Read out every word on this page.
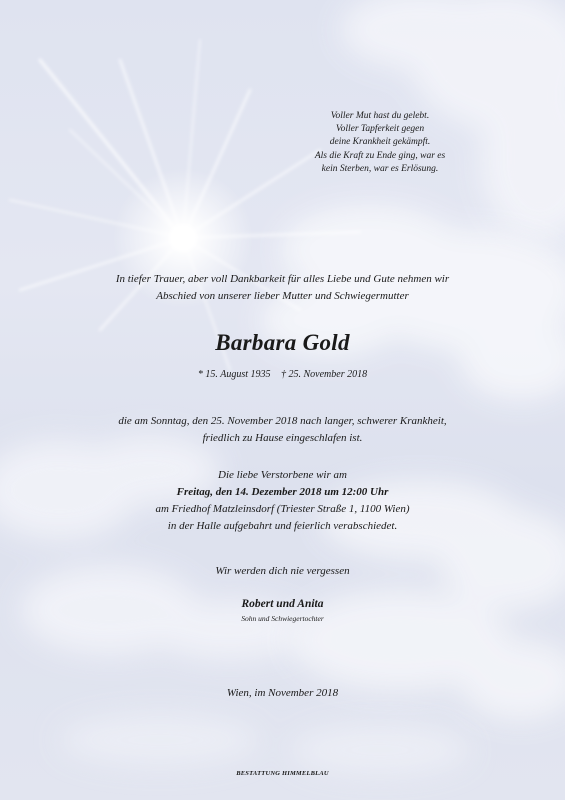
Voller Mut hast du gelebt.
Voller Tapferkeit gegen
deine Krankheit gekämpft.
Als die Kraft zu Ende ging, war es
kein Sterben, war es Erlösung.
In tiefer Trauer, aber voll Dankbarkeit für alles Liebe und Gute nehmen wir
Abschied von unserer lieber Mutter und Schwiegermutter
Barbara Gold
* 15. August 1935 † 25. November 2018
die am Sonntag, den 25. November 2018 nach langer, schwerer Krankheit,
friedlich zu Hause eingeschlafen ist.
Die liebe Verstorbene wir am
Freitag, den 14. Dezember 2018 um 12:00 Uhr
am Friedhof Matzleinsdorf (Triester Straße 1, 1100 Wien)
in der Halle aufgebahrt und feierlich verabschiedet.
Wir werden dich nie vergessen
Robert und Anita
Sohn und Schwiegertochter
Wien, im November 2018
BESTATTUNG HIMMELBLAU
